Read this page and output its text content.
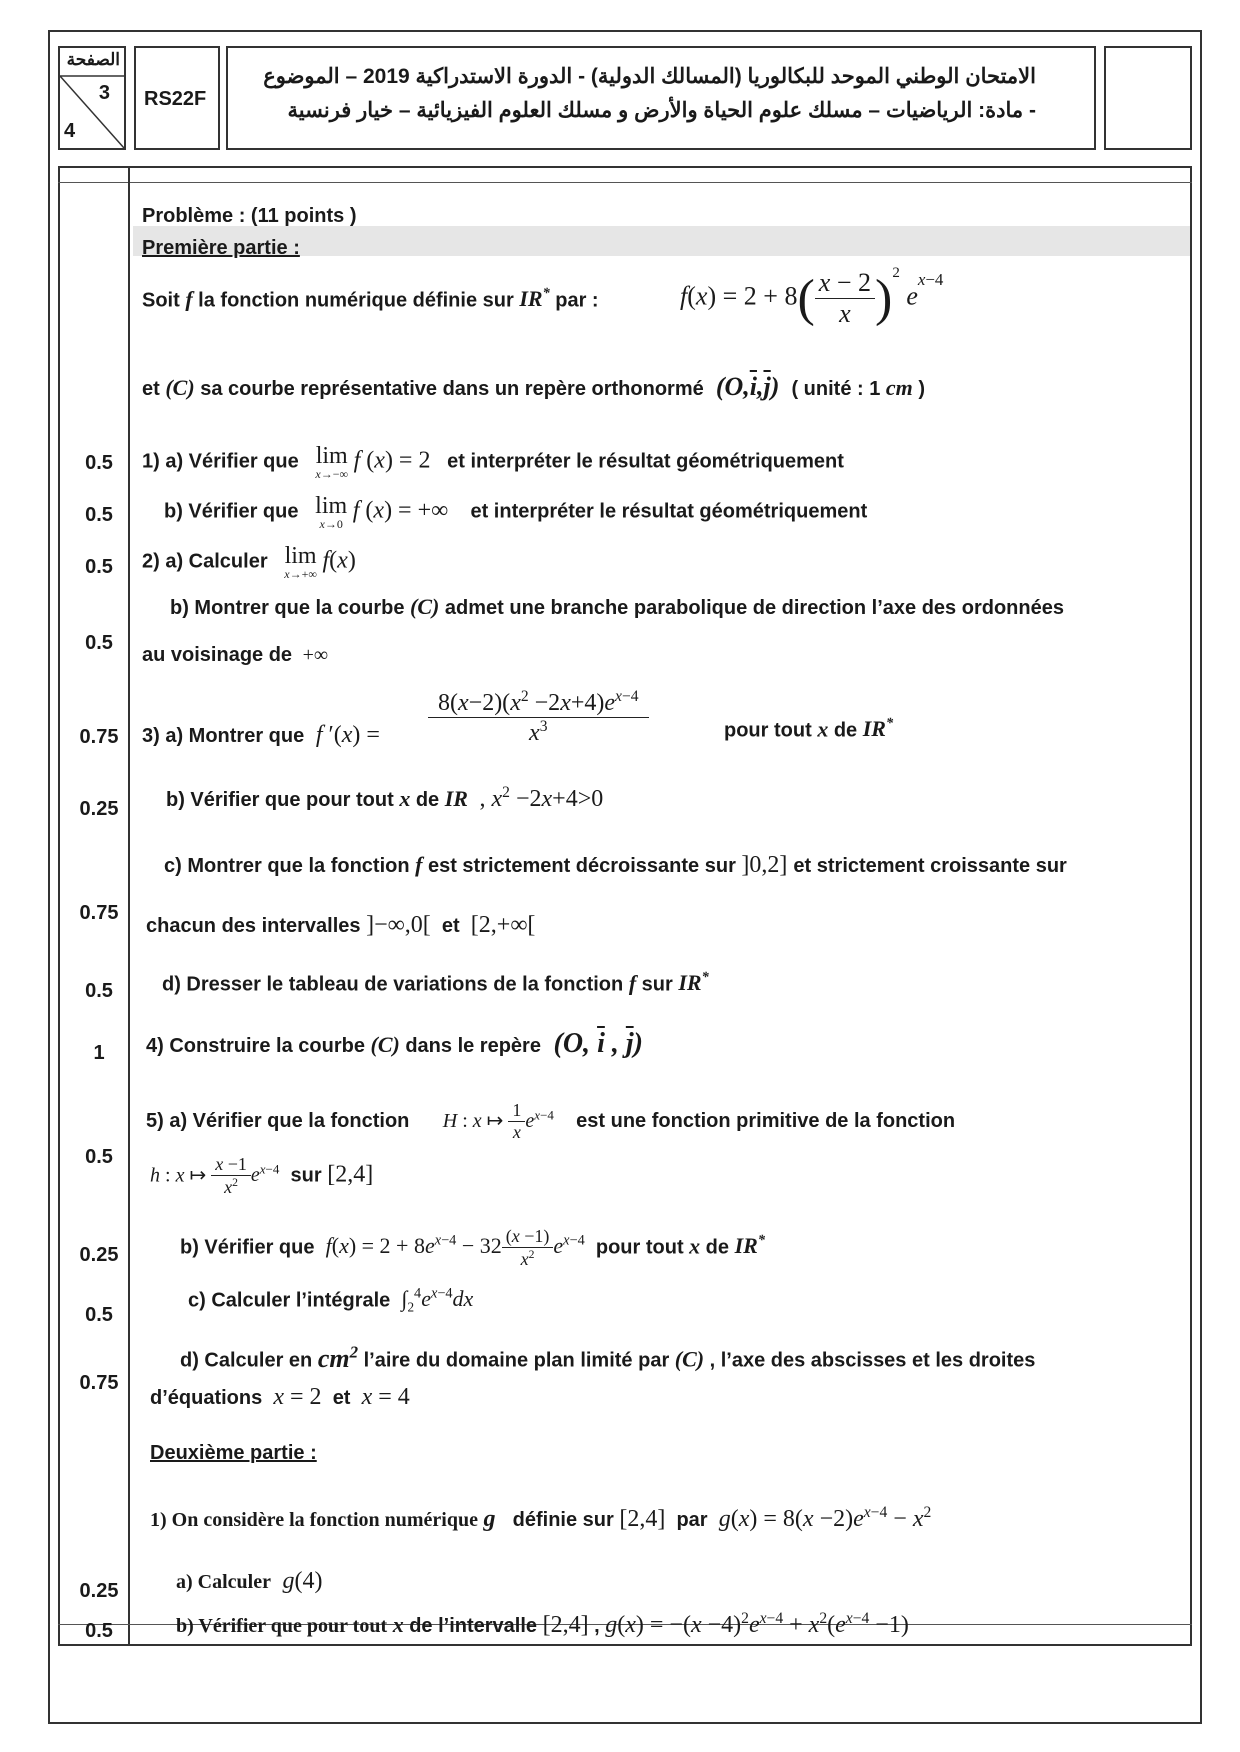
الصفحة
3
4
RS22F
الامتحان الوطني الموحد للبكالوريا (المسالك الدولية) - الدورة الاستدراكية 2019 – الموضوع
- مادة: الرياضيات – مسلك علوم الحياة والأرض و مسلك العلوم الفيزيائية – خيار فرنسية
Problème : (11 points )
Première partie :
Soit f la fonction numérique définie sur IR* par :	$f(x) = 2 + 8( \frac{x - 2}{x} )^2$ $e^{x-4}$
et (C) sa courbe représentative dans un repère orthonormé  $(O,\overline{i},\overline{j})$  ( unité : 1 cm )
0.5
0.5
0.5
0.5
0.75
0.25
0.75
0.5
1
0.5
0.25
0.5
0.75
0.25
0.5
1) a) Vérifier que lim
x→−∞
f (x) = 2 et interpréter le résultat géométriquement
b) Vérifier que lim
x→0
f (x) = +∞ et interpréter le résultat géométriquement
2) a) Calculer lim
x→+∞
f(x)
b) Montrer que la courbe (C) admet une branche parabolique de direction l’axe des ordonnées
au voisinage de  +∞
3) a) Montrer que f $'(x) = \frac{8(x-2)(x^2 -2x+4)e^{x-4}}{x^3}$	pour tout x de IR*
b) Vérifier que pour tout x de IR  , $x^2 -2x+4>0$
c) Montrer que la fonction f est strictement décroissante sur ]0,2] et strictement croissante sur
chacun des intervalles ]−∞,0[ et [2,+∞[
d) Dresser le tableau de variations de la fonction f sur IR*
4) Construire la courbe (C) dans le repère  (O, $\overline{i}$ , $\overline{j}$)
5) a) Vérifier que la fonction H : x ↦ $\frac{1}{x} e^{x-4}$ est une fonction primitive de la fonction
h : x ↦ $\frac{x -1}{x^2} e^{x-4}$ sur [2,4]
b) Vérifier que $f(x) = 2 + 8e^{x-4} - 32 \frac{(x -1)}{x^2} e^{x-4}$ pour tout x de IR*
c) Calculer l’intégrale $\int_2^4e^{x-4}dx$
d) Calculer en $cm^2$ l’aire du domaine plan limité par (C) , l’axe des abscisses et les droites
d’équations x = 2 et x = 4
Deuxième partie :
1) On considère la fonction numérique g   définie sur [2,4] par $g(x) = 8(x -2)e^{x-4} - x^2$
a) Calculer g(4)
b) Vérifier que pour tout x de l’intervalle [2,4] , $g(x) = -(x -4)^2e^{x-4} + x^2(e^{x-4} -1)$
